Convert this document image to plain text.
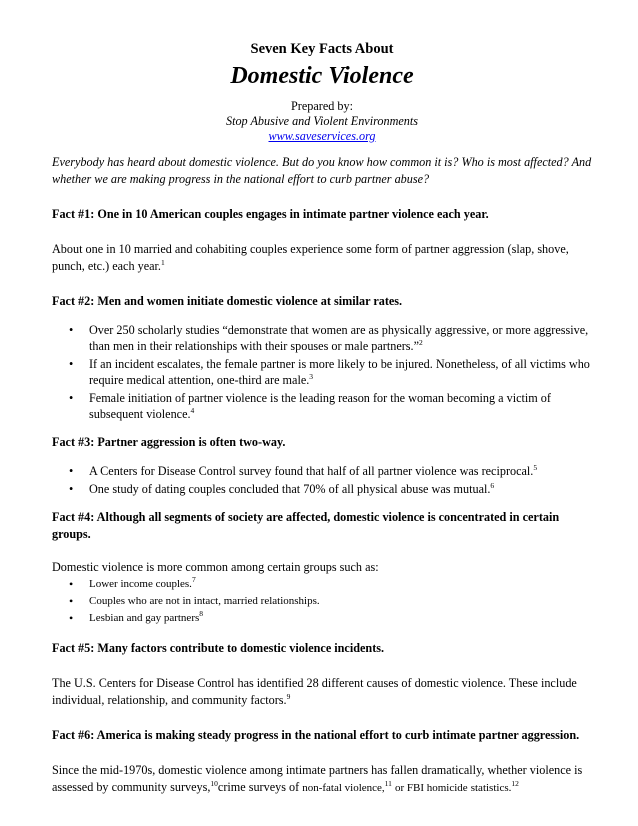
Seven Key Facts About
Domestic Violence
Prepared by:
Stop Abusive and Violent Environments
www.saveservices.org

Everybody has heard about domestic violence. But do you know how common it is? Who is most affected? And whether we are making progress in the national effort to curb partner abuse?

Fact #1: One in 10 American couples engages in intimate partner violence each year.

About one in 10 married and cohabiting couples experience some form of partner aggression (slap, shove, punch, etc.) each year.$^1$

Fact #2: Men and women initiate domestic violence at similar rates.

• Over 250 scholarly studies “demonstrate that women are as physically aggressive, or more aggressive, than men in their relationships with their spouses or male partners.”$^2$
• If an incident escalates, the female partner is more likely to be injured. Nonetheless, of all victims who require medical attention, one-third are male.$^3$
• Female initiation of partner violence is the leading reason for the woman becoming a victim of subsequent violence.$^4$

Fact #3: Partner aggression is often two-way.

• A Centers for Disease Control survey found that half of all partner violence was reciprocal.$^5$
• One study of dating couples concluded that 70% of all physical abuse was mutual.$^6$

Fact #4: Although all segments of society are affected, domestic violence is concentrated in certain groups.

Domestic violence is more common among certain groups such as:

• Lower income couples.$^7$
• Couples who are not in intact, married relationships.
• Lesbian and gay partners$^8$

Fact #5: Many factors contribute to domestic violence incidents.

The U.S. Centers for Disease Control has identified 28 different causes of domestic violence. These include individual, relationship, and community factors.$^9$

Fact #6: America is making steady progress in the national effort to curb intimate partner aggression.

Since the mid-1970s, domestic violence among intimate partners has fallen dramatically, whether violence is assessed by community surveys,$^{10}$crime surveys of non-fatal violence,$^{11}$ or FBI homicide statistics.$^{12}$
